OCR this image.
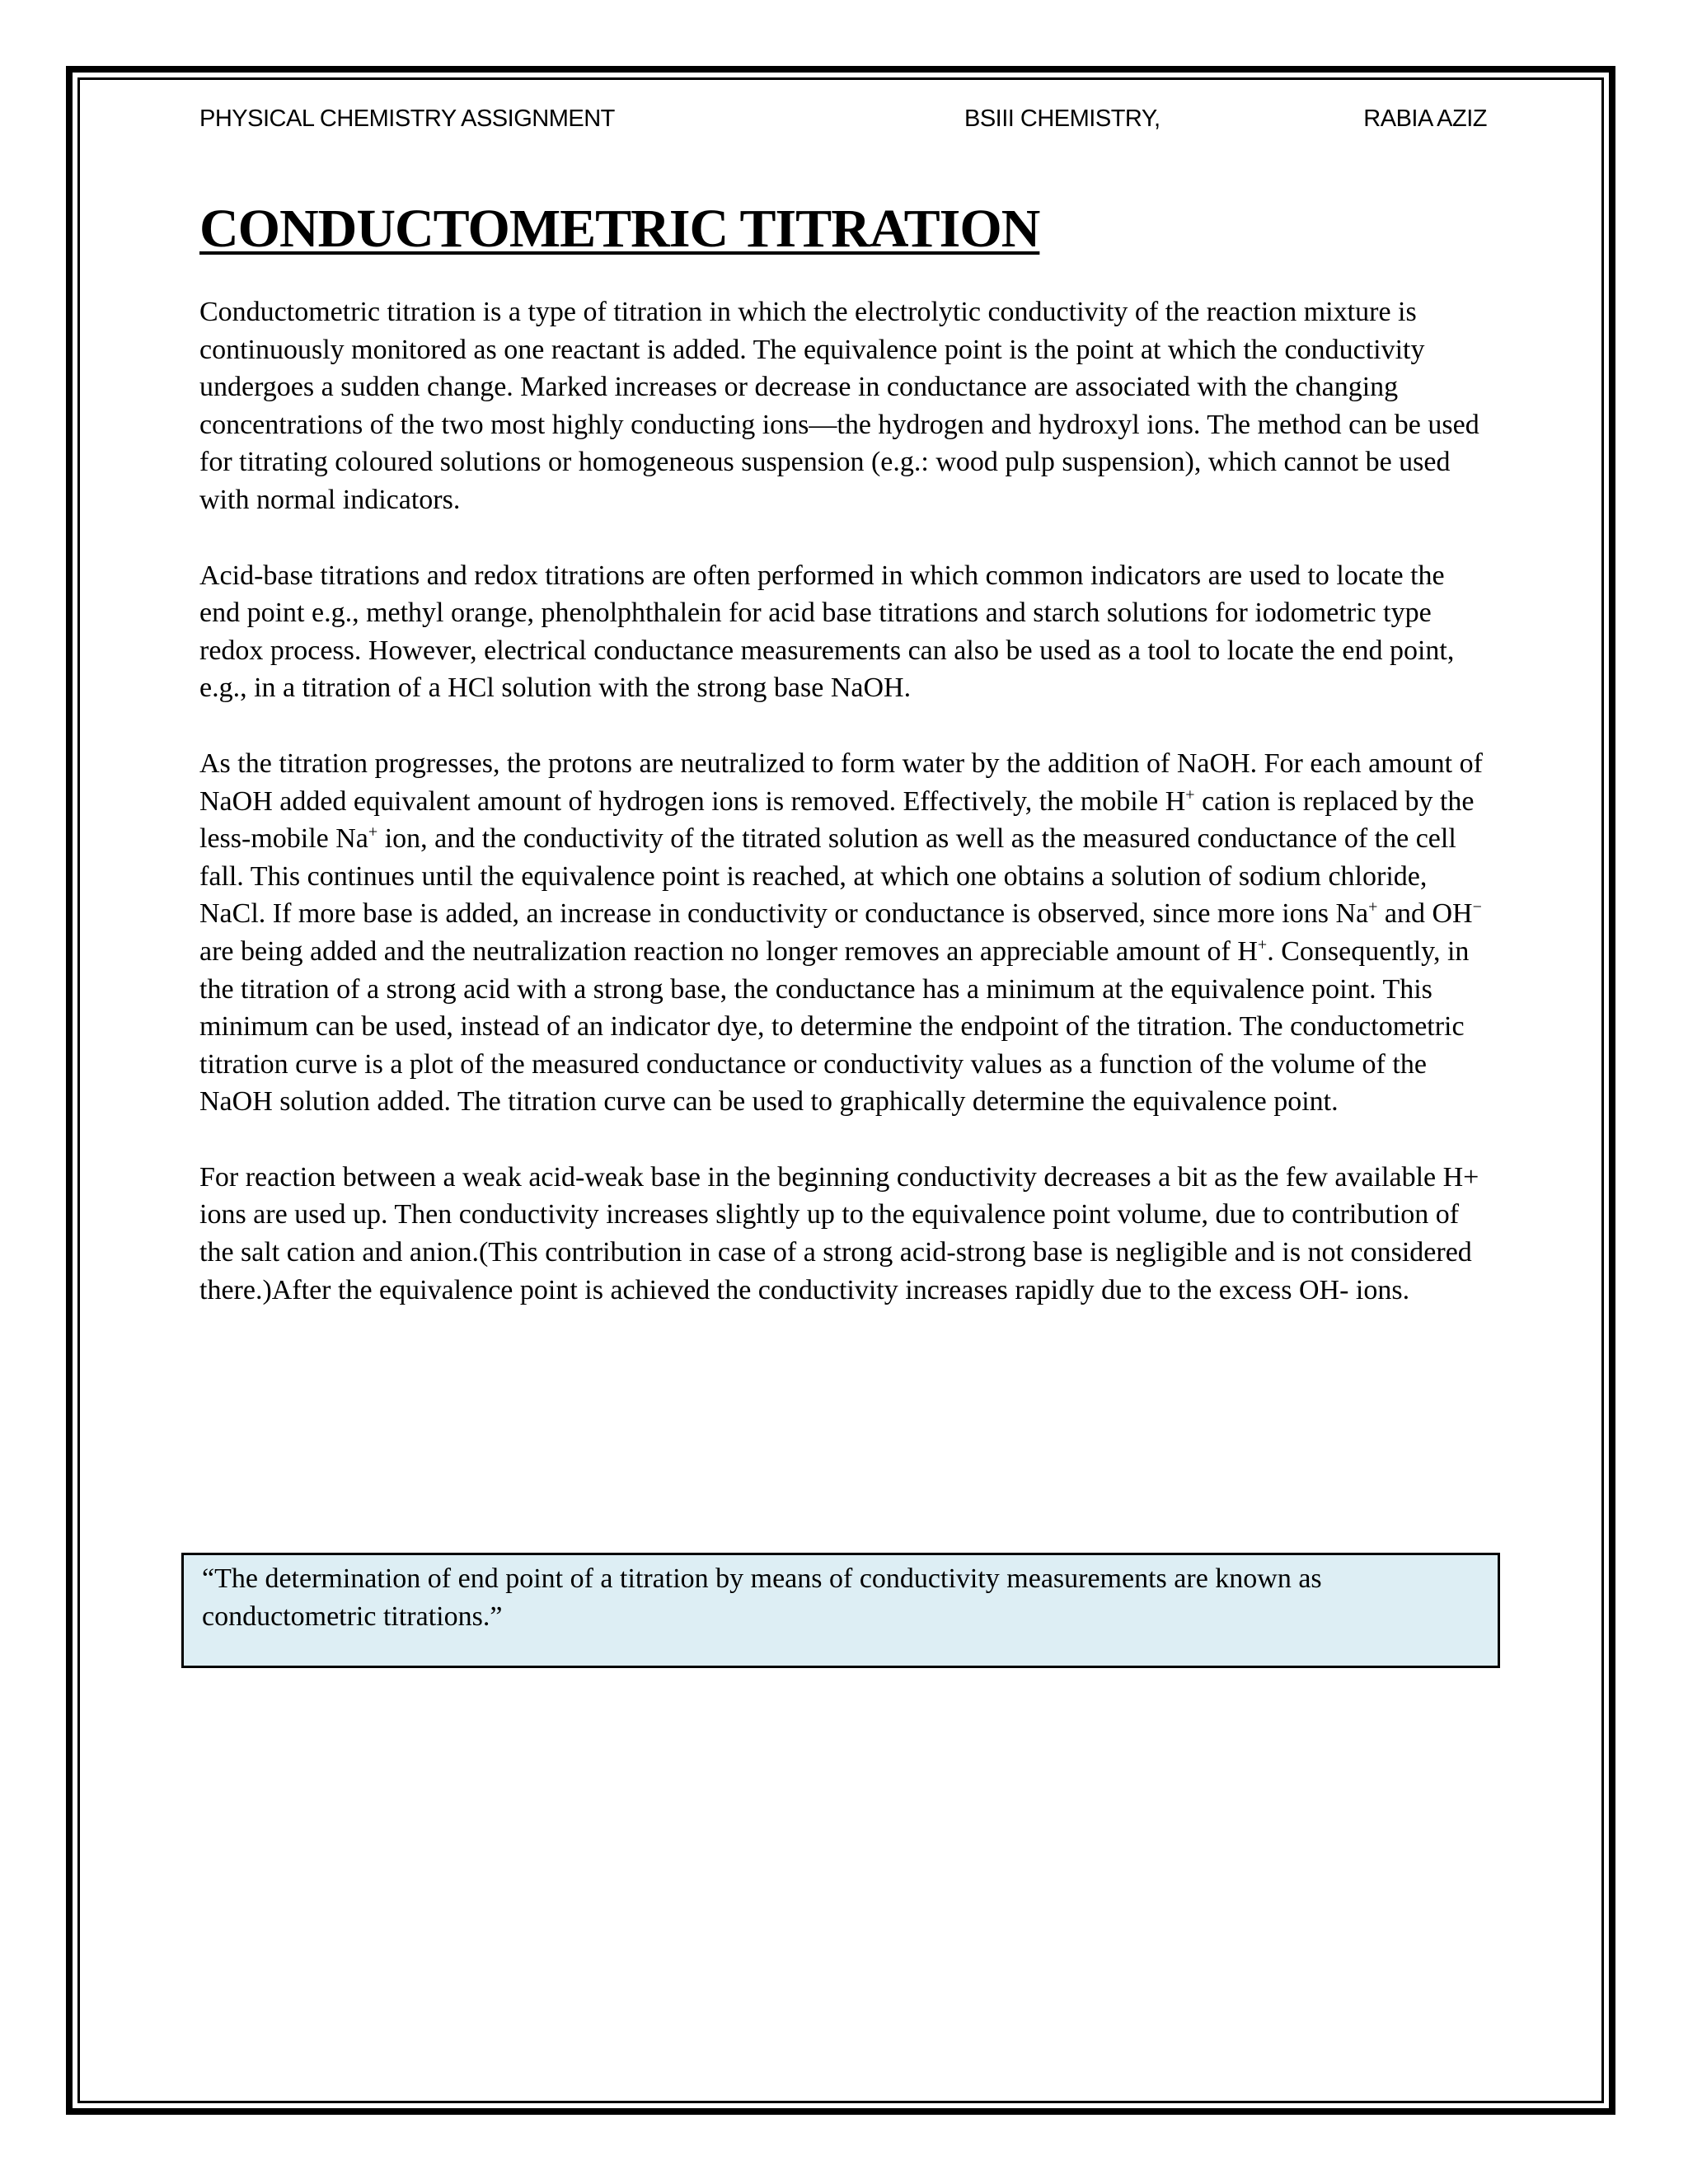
PHYSICAL CHEMISTRY ASSIGNMENT	BSIII CHEMISTRY,	RABIA AZIZ
CONDUCTOMETRIC TITRATION

Conductometric titration is a type of titration in which the electrolytic conductivity of the reaction mixture is continuously monitored as one reactant is added. The equivalence point is the point at which the conductivity undergoes a sudden change. Marked increases or decrease in conductance are associated with the changing concentrations of the two most highly conducting ions—the hydrogen and hydroxyl ions. The method can be used for titrating coloured solutions or homogeneous suspension (e.g.: wood pulp suspension), which cannot be used with normal indicators.

Acid-base titrations and redox titrations are often performed in which common indicators are used to locate the end point e.g., methyl orange, phenolphthalein for acid base titrations and starch solutions for iodometric type redox process. However, electrical conductance measurements can also be used as a tool to locate the end point, e.g., in a titration of a HCl solution with the strong base NaOH.

As the titration progresses, the protons are neutralized to form water by the addition of NaOH. For each amount of NaOH added equivalent amount of hydrogen ions is removed. Effectively, the mobile H+ cation is replaced by the less-mobile Na+ ion, and the conductivity of the titrated solution as well as the measured conductance of the cell fall. This continues until the equivalence point is reached, at which one obtains a solution of sodium chloride, NaCl. If more base is added, an increase in conductivity or conductance is observed, since more ions Na+ and OH− are being added and the neutralization reaction no longer removes an appreciable amount of H+. Consequently, in the titration of a strong acid with a strong base, the conductance has a minimum at the equivalence point. This minimum can be used, instead of an indicator dye, to determine the endpoint of the titration. The conductometric titration curve is a plot of the measured conductance or conductivity values as a function of the volume of the NaOH solution added. The titration curve can be used to graphically determine the equivalence point.

For reaction between a weak acid-weak base in the beginning conductivity decreases a bit as the few available H+ ions are used up. Then conductivity increases slightly up to the equivalence point volume, due to contribution of the salt cation and anion.(This contribution in case of a strong acid-strong base is negligible and is not considered there.)After the equivalence point is achieved the conductivity increases rapidly due to the excess OH- ions.

“The determination of end point of a titration by means of conductivity measurements are known as conductometric titrations.”
